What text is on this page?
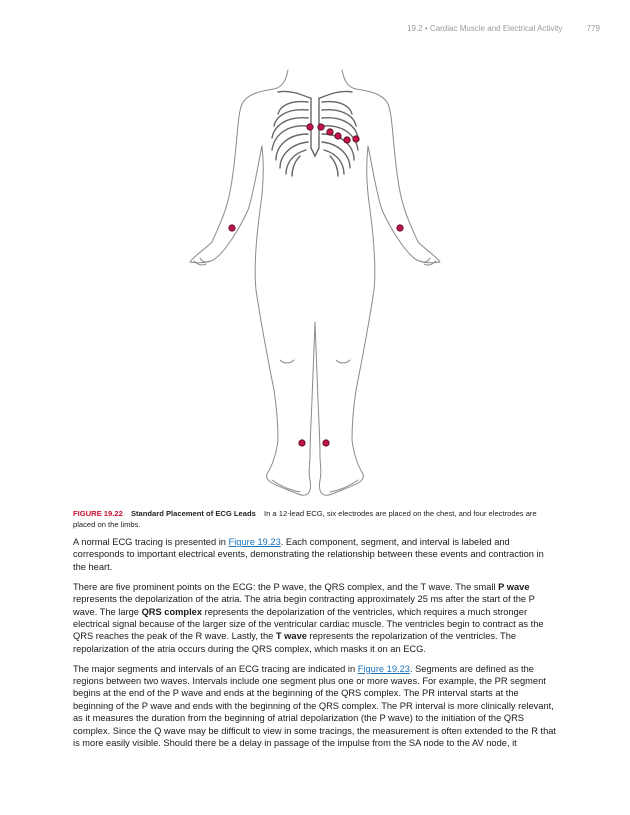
19.2 • Cardiac Muscle and Electrical Activity	779
FIGURE 19.22 Standard Placement of ECG Leads In a 12-lead ECG, six electrodes are placed on the chest, and four electrodes are placed on the limbs.

A normal ECG tracing is presented in Figure 19.23. Each component, segment, and interval is labeled and corresponds to important electrical events, demonstrating the relationship between these events and contraction in the heart.

There are five prominent points on the ECG: the P wave, the QRS complex, and the T wave. The small P wave represents the depolarization of the atria. The atria begin contracting approximately 25 ms after the start of the P wave. The large QRS complex represents the depolarization of the ventricles, which requires a much stronger electrical signal because of the larger size of the ventricular cardiac muscle. The ventricles begin to contract as the QRS reaches the peak of the R wave. Lastly, the T wave represents the repolarization of the ventricles. The repolarization of the atria occurs during the QRS complex, which masks it on an ECG.

The major segments and intervals of an ECG tracing are indicated in Figure 19.23. Segments are defined as the regions between two waves. Intervals include one segment plus one or more waves. For example, the PR segment begins at the end of the P wave and ends at the beginning of the QRS complex. The PR interval starts at the beginning of the P wave and ends with the beginning of the QRS complex. The PR interval is more clinically relevant, as it measures the duration from the beginning of atrial depolarization (the P wave) to the initiation of the QRS complex. Since the Q wave may be difficult to view in some tracings, the measurement is often extended to the R that is more easily visible. Should there be a delay in passage of the impulse from the SA node to the AV node, it
